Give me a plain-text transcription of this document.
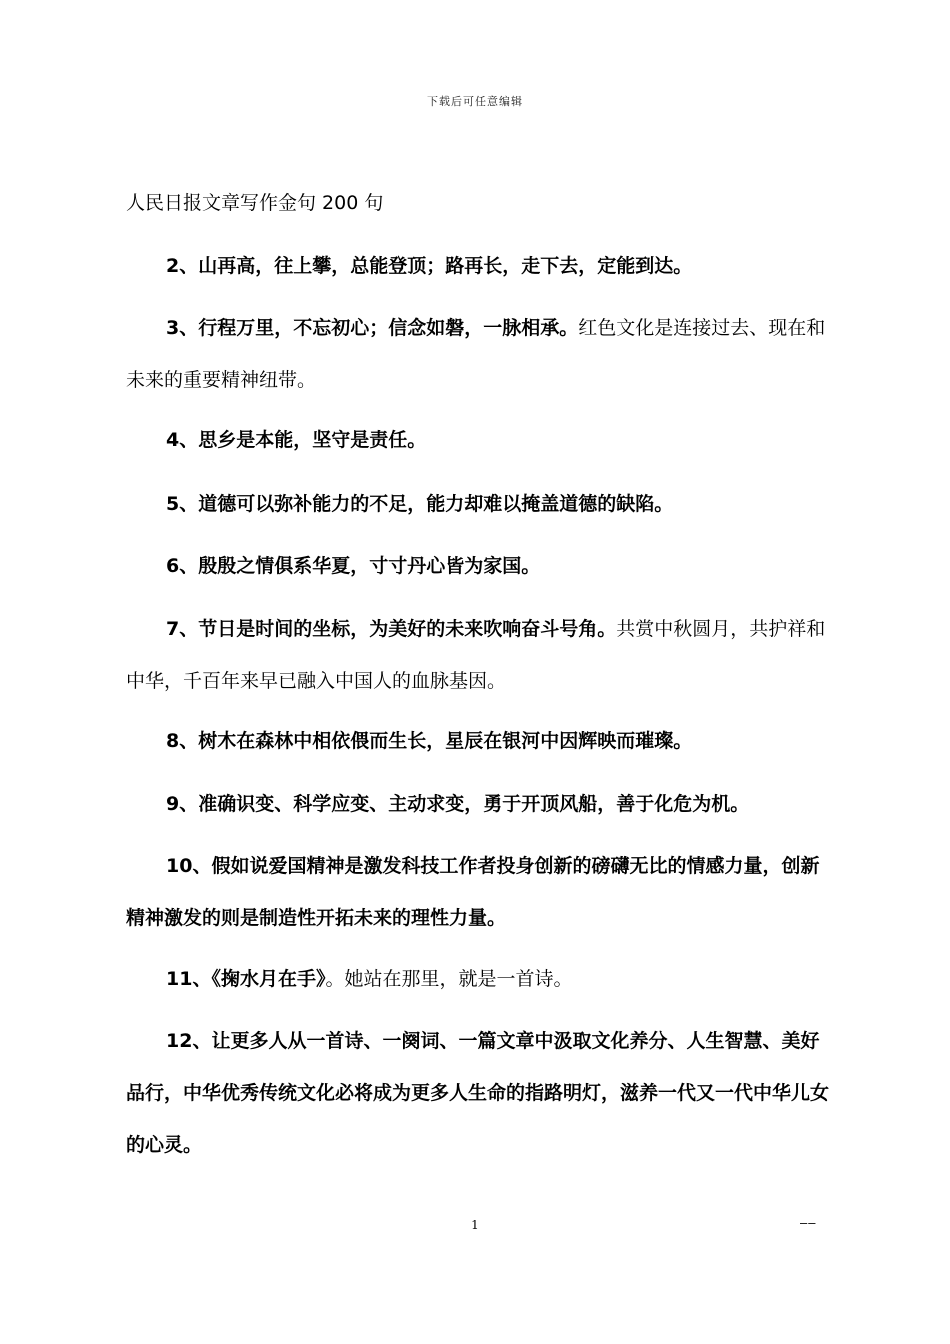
下载后可任意编辑
人民日报文章写作金句 200 句

2、山再高，往上攀，总能登顶；路再长，走下去，定能到达。

3、行程万里，不忘初心；信念如磐，一脉相承。红色文化是连接过去、现在和未来的重要精神纽带。

4、思乡是本能，坚守是责任。

5、道德可以弥补能力的不足，能力却难以掩盖道德的缺陷。

6、殷殷之情俱系华夏，寸寸丹心皆为家国。

7、节日是时间的坐标，为美好的未来吹响奋斗号角。共赏中秋圆月，共护祥和中华，千百年来早已融入中国人的血脉基因。

8、树木在森林中相依偎而生长，星辰在银河中因辉映而璀璨。

9、准确识变、科学应变、主动求变，勇于开顶风船，善于化危为机。

10、假如说爱国精神是激发科技工作者投身创新的磅礴无比的情感力量，创新精神激发的则是制造性开拓未来的理性力量。

11、《掬水月在手》。她站在那里，就是一首诗。

12、让更多人从一首诗、一阕词、一篇文章中汲取文化养分、人生智慧、美好品行，中华优秀传统文化必将成为更多人生命的指路明灯，滋养一代又一代中华儿女的心灵。

1	——
